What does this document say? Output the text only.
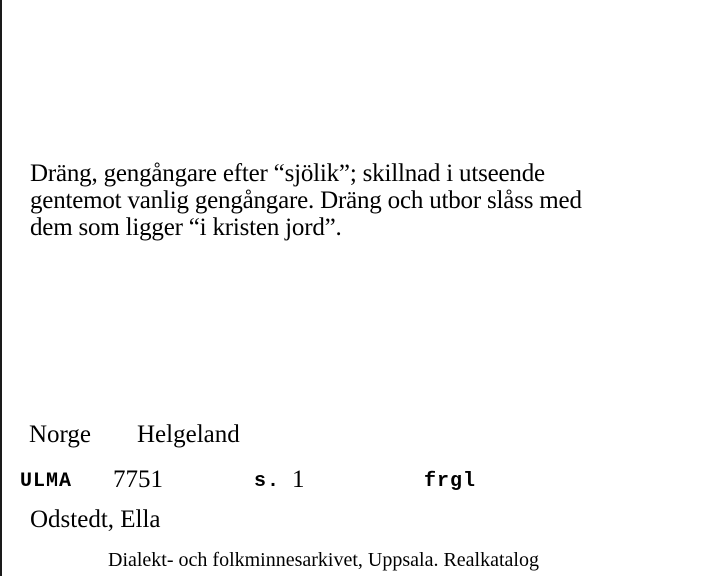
Dräng, gengångare efter “sjölik”; skillnad i utseende
gentemot vanlig gengångare. Dräng och utbor slåss med
dem som ligger “i kristen jord”.
Norge Helgeland
ULMA 7751	s. 1	frgl
Odstedt, Ella
Dialekt- och folkminnesarkivet, Uppsala. Realkatalog
